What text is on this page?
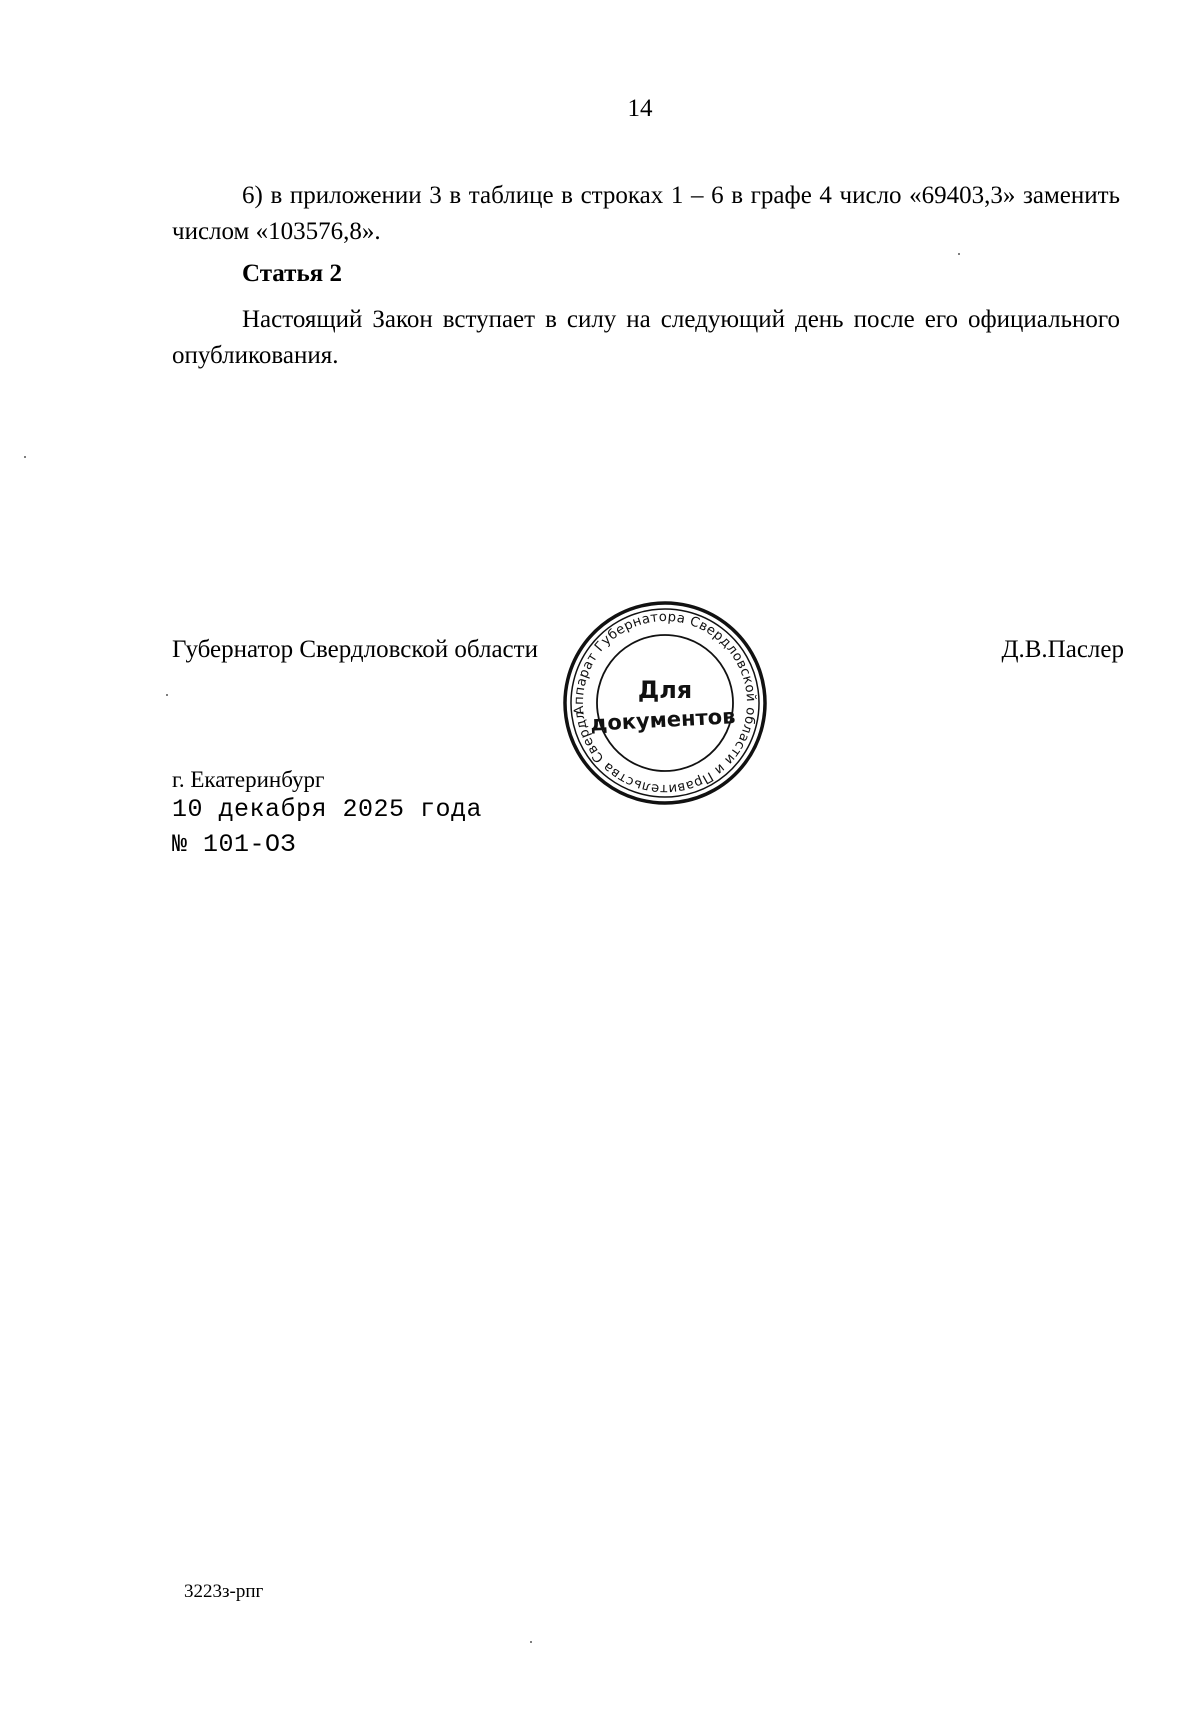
14

6) в приложении 3 в таблице в строках 1 – 6 в графе 4 число «69403,3» заменить числом «103576,8».

Статья 2

Настоящий Закон вступает в силу на следующий день после его официального опубликования.

Губернатор Свердловской области	Д.В.Паслер
Аппарат Губернатора Свердловской области и Правительства Свердловской
Для
документов

г. Екатеринбург

10 декабря 2025 года

№ 101-ОЗ

3223з-рпг
